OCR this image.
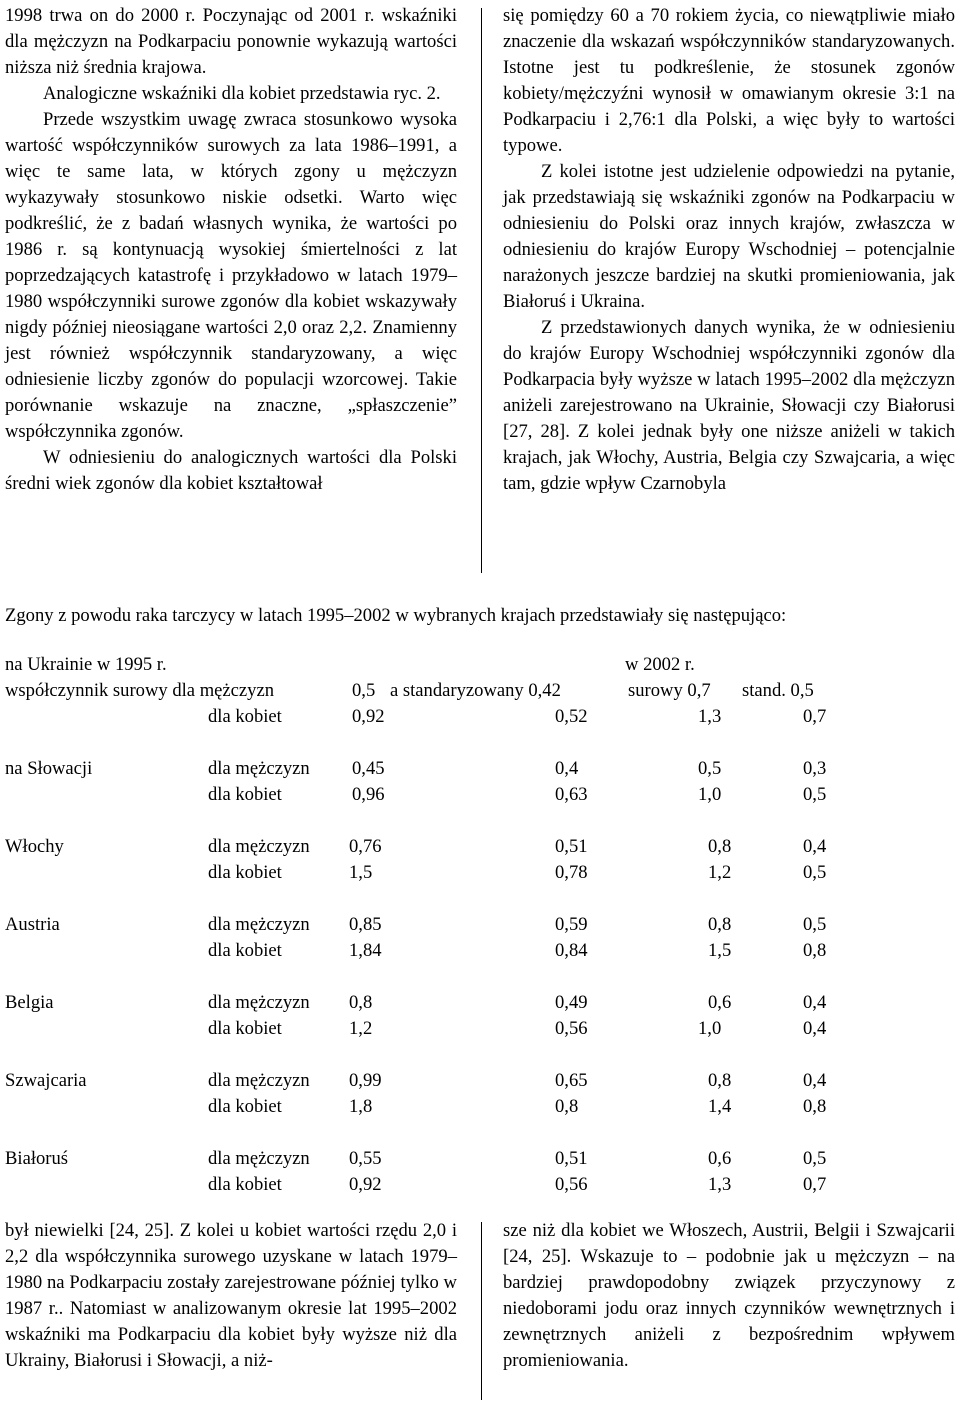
1998 trwa on do 2000 r. Poczynając od 2001 r. wskaźniki dla mężczyzn na Podkarpaciu ponownie wykazują wartości niższa niż średnia krajowa.

Analogiczne wskaźniki dla kobiet przedstawia ryc. 2.

Przede wszystkim uwagę zwraca stosunkowo wysoka wartość współczynników surowych za lata 1986–1991, a więc te same lata, w których zgony u mężczyzn wykazywały stosunkowo niskie odsetki. Warto więc podkreślić, że z badań własnych wynika, że wartości po 1986 r. są kontynuacją wysokiej śmiertelności z lat poprzedzających katastrofę i przykładowo w latach 1979–1980 współczynniki surowe zgonów dla kobiet wskazywały nigdy później nieosiągane wartości 2,0 oraz 2,2. Znamienny jest również współczynnik standaryzowany, a więc odniesienie liczby zgonów do populacji wzorcowej. Takie porównanie wskazuje na znaczne, „spłaszczenie” współczynnika zgonów.

W odniesieniu do analogicznych wartości dla Polski średni wiek zgonów dla kobiet kształtował

się pomiędzy 60 a 70 rokiem życia, co niewątpliwie miało znaczenie dla wskazań współczynników standaryzowanych. Istotne jest tu podkreślenie, że stosunek zgonów kobiety/mężczyźni wynosił w omawianym okresie 3:1 na Podkarpaciu i 2,76:1 dla Polski, a więc były to wartości typowe.

Z kolei istotne jest udzielenie odpowiedzi na pytanie, jak przedstawiają się wskaźniki zgonów na Podkarpaciu w odniesieniu do Polski oraz innych krajów, zwłaszcza w odniesieniu do krajów Europy Wschodniej – potencjalnie narażonych jeszcze bardziej na skutki promieniowania, jak Białoruś i Ukraina.

Z przedstawionych danych wynika, że w odniesieniu do krajów Europy Wschodniej współczynniki zgonów dla Podkarpacia były wyższe w latach 1995–2002 dla mężczyzn aniżeli zarejestrowano na Ukrainie, Słowacji czy Białorusi [27, 28]. Z kolei jednak były one niższe aniżeli w takich krajach, jak Włochy, Austria, Belgia czy Szwajcaria, a więc tam, gdzie wpływ Czarnobyla

Zgony z powodu raka tarczycy w latach 1995–2002 w wybranych krajach przedstawiały się następująco:
na Ukrainie w 1995 r.	w 2002 r.
współczynnik surowy dla mężczyzn	0,5 a standaryzowany 0,42	surowy 0,7 stand. 0,5
dla kobiet	0,92	0,52	1,3	0,7
na Słowacji	dla mężczyzn 0,45	0,4	0,5	0,3
dla kobiet	0,96	0,63	1,0	0,5
Włochy	dla mężczyzn 0,76	0,51	0,8	0,4
dla kobiet	1,5	0,78	1,2	0,5
Austria	dla mężczyzn 0,85	0,59	0,8	0,5
dla kobiet	1,84	0,84	1,5	0,8
Belgia	dla mężczyzn 0,8	0,49	0,6	0,4
dla kobiet	1,2	0,56	1,0	0,4
Szwajcaria	dla mężczyzn 0,99	0,65	0,8	0,4
dla kobiet	1,8	0,8	1,4	0,8
Białoruś	dla mężczyzn 0,55	0,51	0,6	0,5
dla kobiet	0,92	0,56	1,3	0,7

był niewielki [24, 25]. Z kolei u kobiet wartości rzędu 2,0 i 2,2 dla współczynnika surowego uzyskane w latach 1979–1980 na Podkarpaciu zostały zarejestrowane później tylko w 1987 r.. Natomiast w analizowanym okresie lat 1995–2002 wskaźniki ma Podkarpaciu dla kobiet były wyższe niż dla Ukrainy, Białorusi i Słowacji, a niż-

sze niż dla kobiet we Włoszech, Austrii, Belgii i Szwajcarii [24, 25]. Wskazuje to – podobnie jak u mężczyzn – na bardziej prawdopodobny związek przyczynowy z niedoborami jodu oraz innych czynników wewnętrznych i zewnętrznych aniżeli z bezpośrednim wpływem promieniowania.
